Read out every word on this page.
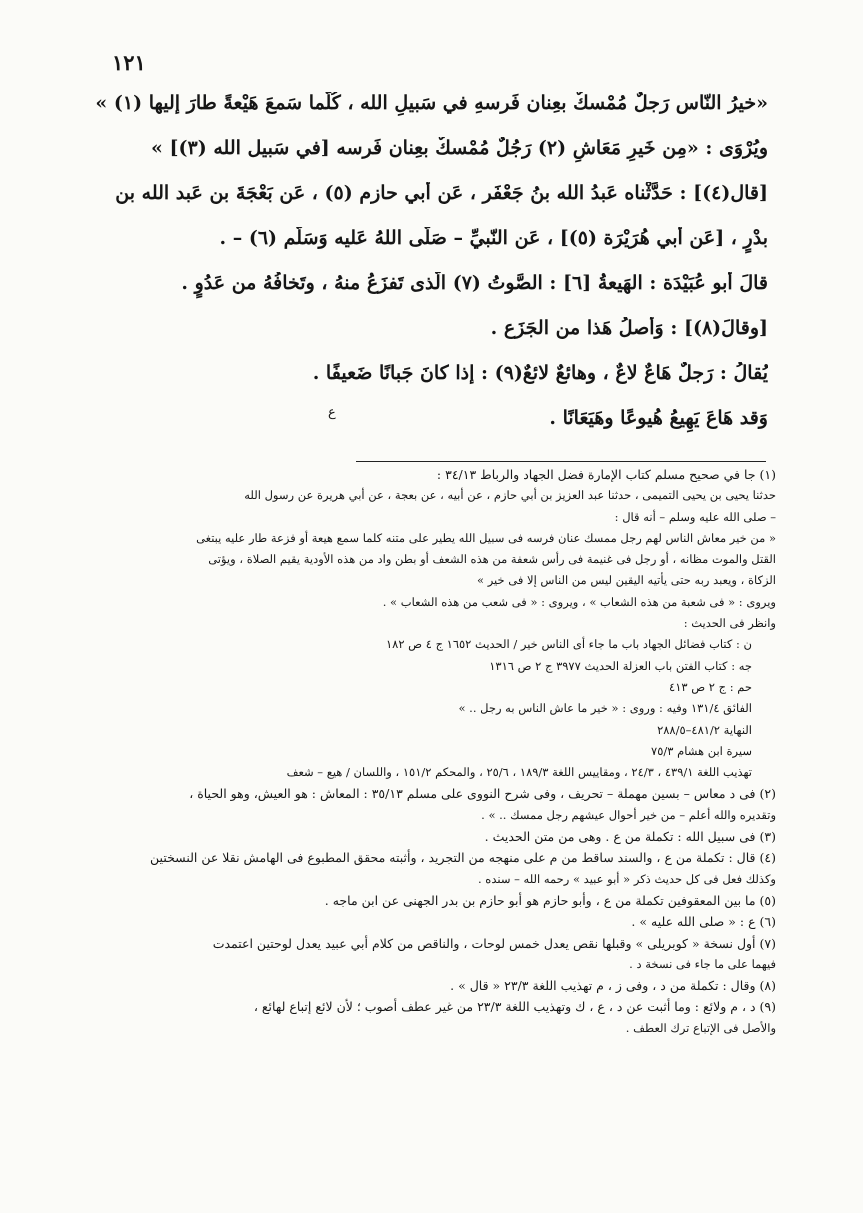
١٢١

«خيرُ النّاس رَجلٌ مُمْسكٌ بعِنان فَرسهِ في سَبيلِ الله ، كُلّما سَمعَ هَيْعةً طارَ إليها (١) »

ويُرْوَى : «مِن خَيرِ مَعَاشِ (٢) رَجُلٌ مُمْسكٌ بعِنان فَرسه [في سَبيل الله (٣)] »

[قال(٤)] : حَدَّثْناه عَبدُ الله بنُ جَعْفَر ، عَن أبي حازم (٥) ، عَن بَعْجَةَ بن عَبد الله بن

بدْرٍ ، [عَن أبي هُرَيْرَة (٥)] ، عَن النّبيِّ – صَلّى اللهُ عَليه وَسَلّم (٦) – .

قالَ أبو عُبَيْدَة : الهَيعةُ [٦] : الصَّوتُ (٧) الّذى تَفزَعُ منهُ ، وتَخافُهُ من عَدُوٍ .

[وقالَ(٨)] : وَأَصلُ هَذا من الجَزَع .

يُقالُ : رَجلٌ هَاعٌ لاعٌ ، وهائعٌ لائعٌ(٩) : إذا كانَ جَبانًا ضَعيفًا .

وَقد هَاعَ يَهِيعُ هُيوعًا وهَيَعَانًا .

ع
(١) جا في صحيح مسلم كتاب الإمارة فضل الجهاد والرباط ٣٤/١٣ :
حدثنا يحيى بن يحيى التميمى ، حدثنا عبد العزيز بن أبي حازم ، عن أبيه ، عن بعجة ، عن أبي هريرة عن رسول الله
– صلى الله عليه وسلم – أنه قال :
« من خير معاش الناس لهم رجل ممسك عنان فرسه فى سبيل الله يطير على متنه كلما سمع هيعة أو فزعة طار عليه يبتغى
القتل والموت مظانه ، أو رجل فى غنيمة فى رأس شعفة من هذه الشعف أو بطن واد من هذه الأودية يقيم الصلاة ، ويؤتى
الزكاة ، ويعبد ربه حتى يأتيه اليقين ليس من الناس إلا فى خير »
ويروى : « فى شعبة من هذه الشعاب » ، ويروى : « فى شعب من هذه الشعاب » .
وانظر فى الحديث :
ن : كتاب فضائل الجهاد باب ما جاء أى الناس خير / الحديث ١٦٥٢ ج ٤ ص ١٨٢
جه : كتاب الفتن باب العزلة الحديث ٣٩٧٧ ج ٢ ص ١٣١٦
حم : ج ٢ ص ٤١٣
الفائق ١٣١/٤ وفيه : وروى : « خير ما عاش الناس به رجل .. »
النهاية ٤٨١/٢–٢٨٨/٥
سيرة ابن هشام ٧٥/٣
تهذيب اللغة ٤٣٩/١ ، ٢٤/٣ ، ومقاييس اللغة ١٨٩/٣ ، ٢٥/٦ ، والمحكم ١٥١/٢ ، واللسان / هيع – شعف
(٢) فى د معاس – بسين مهملة – تحريف ، وفى شرح النووى على مسلم ٣٥/١٣ : المعاش : هو العيش، وهو الحياة ،
وتقديره والله أعلم – من خير أحوال عيشهم رجل ممسك .. » .
(٣) فى سبيل الله : تكملة من ع . وهى من متن الحديث .
(٤) قال : تكملة من ع ، والسند ساقط من م على منهجه من التجريد ، وأثبته محقق المطبوع فى الهامش نقلا عن النسختين
وكذلك فعل فى كل حديث ذكر « أبو عبيد » رحمه الله – سنده .
(٥) ما بين المعقوفين تكملة من ع ، وأبو حازم هو أبو حازم بن بدر الجهنى عن ابن ماجه .
(٦) ع : « صلى الله عليه » .
(٧) أول نسخة « كوبريلى » وقبلها نقص يعدل خمس لوحات ، والناقص من كلام أبي عبيد يعدل لوحتين اعتمدت
فيهما على ما جاء فى نسخة د .
(٨) وقال : تكملة من د ، وفى ز ، م تهذيب اللغة ٢٣/٣ « قال » .
(٩) د ، م ولائع : وما أثبت عن د ، ع ، ك وتهذيب اللغة ٢٣/٣ من غير عطف أصوب ؛ لأن لائع إتباع لهائع ،
والأصل فى الإتباع ترك العطف .
